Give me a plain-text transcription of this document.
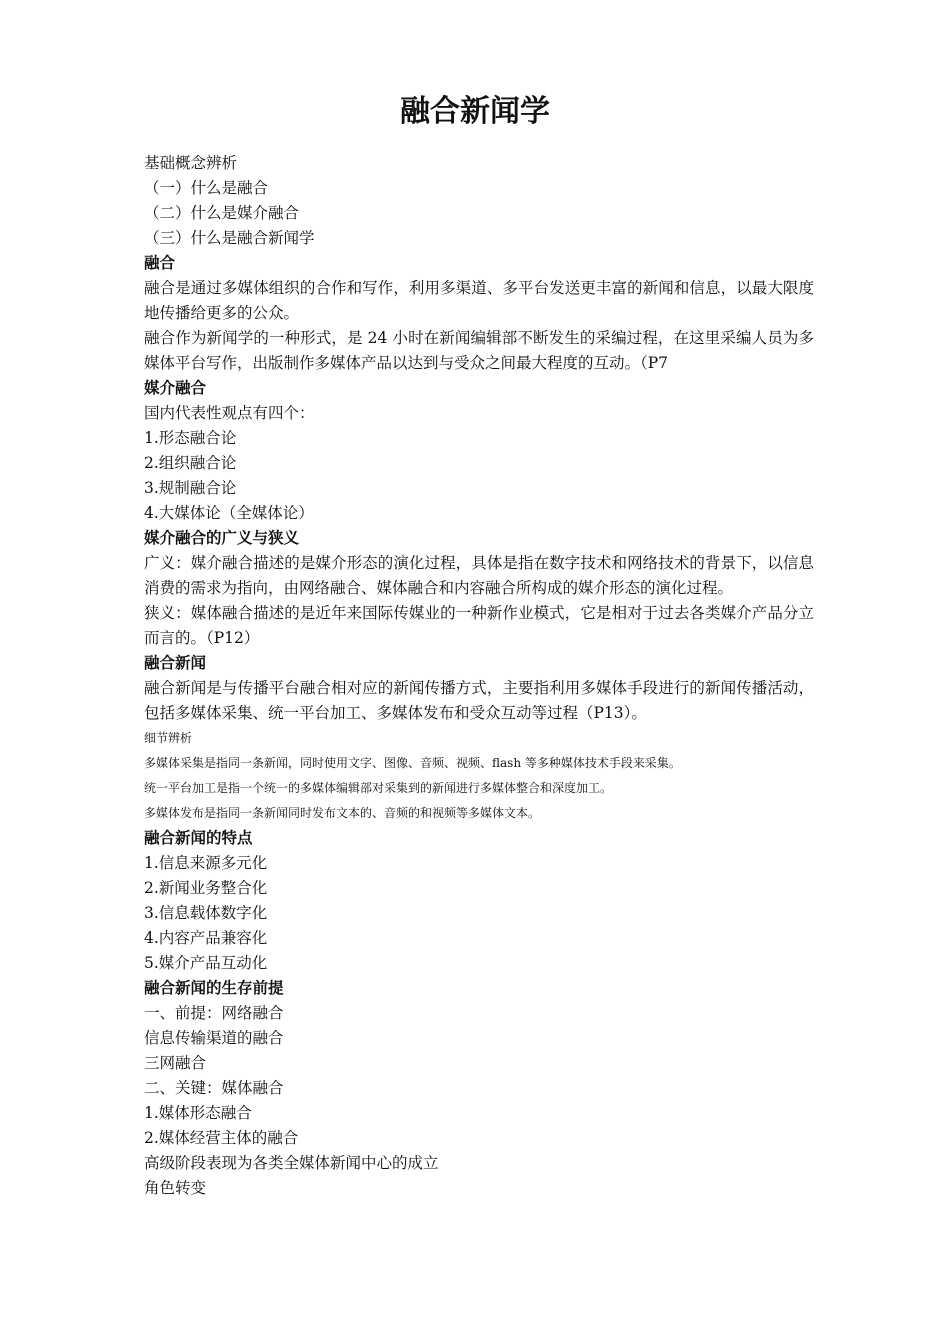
融合新闻学

基础概念辨析

（一）什么是融合

（二）什么是媒介融合

（三）什么是融合新闻学

融合

融合是通过多媒体组织的合作和写作，利用多渠道、多平台发送更丰富的新闻和信息，以最大限度地传播给更多的公众。

融合作为新闻学的一种形式，是 24 小时在新闻编辑部不断发生的采编过程，在这里采编人员为多媒体平台写作，出版制作多媒体产品以达到与受众之间最大程度的互动。（P7

媒介融合

国内代表性观点有四个：

1.形态融合论

2.组织融合论

3.规制融合论

4.大媒体论（全媒体论）

媒介融合的广义与狭义

广义：媒介融合描述的是媒介形态的演化过程，具体是指在数字技术和网络技术的背景下，以信息消费的需求为指向，由网络融合、媒体融合和内容融合所构成的媒介形态的演化过程。

狭义：媒体融合描述的是近年来国际传媒业的一种新作业模式，它是相对于过去各类媒介产品分立而言的。（P12）

融合新闻

融合新闻是与传播平台融合相对应的新闻传播方式，主要指利用多媒体手段进行的新闻传播活动，包括多媒体采集、统一平台加工、多媒体发布和受众互动等过程（P13）。

细节辨析

多媒体采集是指同一条新闻，同时使用文字、图像、音频、视频、flash 等多种媒体技术手段来采集。

统一平台加工是指一个统一的多媒体编辑部对采集到的新闻进行多媒体整合和深度加工。

多媒体发布是指同一条新闻同时发布文本的、音频的和视频等多媒体文本。

融合新闻的特点

1.信息来源多元化

2.新闻业务整合化

3.信息载体数字化

4.内容产品兼容化

5.媒介产品互动化

融合新闻的生存前提

一、前提：网络融合

信息传输渠道的融合

三网融合

二、关键：媒体融合

1.媒体形态融合

2.媒体经营主体的融合

高级阶段表现为各类全媒体新闻中心的成立

角色转变
